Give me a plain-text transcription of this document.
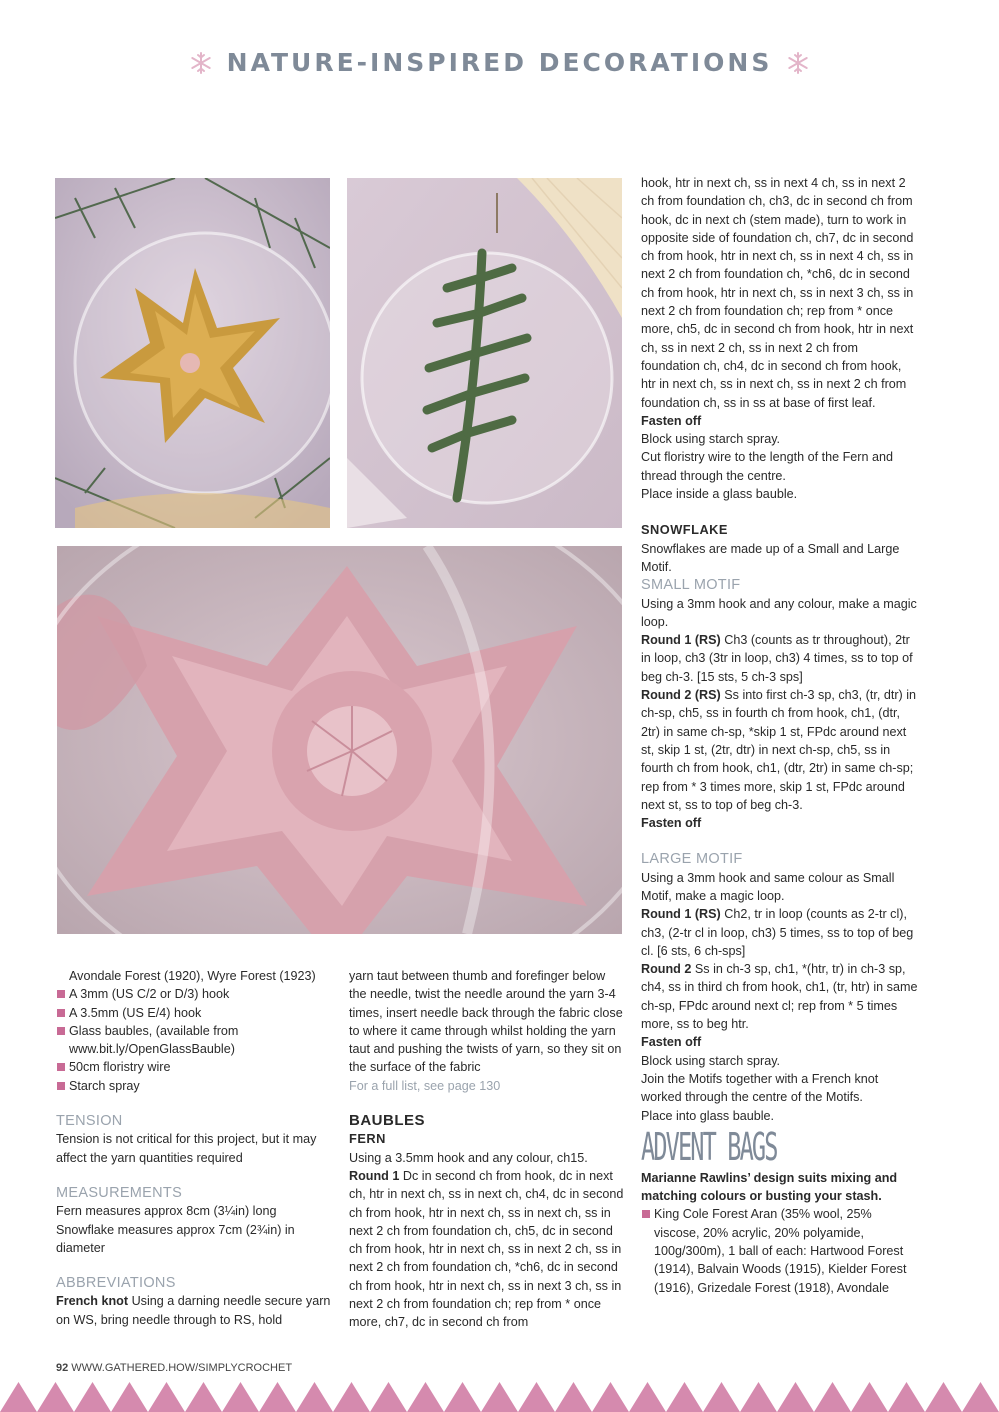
NATURE-INSPIRED DECORATIONS

Avondale Forest (1920), Wyre Forest (1923)

A 3mm (US C/2 or D/3) hook

A 3.5mm (US E/4) hook

Glass baubles, (available from

www.bit.ly/OpenGlassBauble)

50cm floristry wire

Starch spray

TENSION

Tension is not critical for this project, but it may affect the yarn quantities required

MEASUREMENTS

Fern measures approx 8cm (3¼in) long

Snowflake measures approx 7cm (2¾in) in diameter

ABBREVIATIONS

French knot Using a darning needle secure yarn on WS, bring needle through to RS, hold

yarn taut between thumb and forefinger below the needle, twist the needle around the yarn 3-4 times, insert needle back through the fabric close to where it came through whilst holding the yarn taut and pushing the twists of yarn, so they sit on the surface of the fabric

For a full list, see page 130

BAUBLES

FERN

Using a 3.5mm hook and any colour, ch15.

Round 1 Dc in second ch from hook, dc in next ch, htr in next ch, ss in next ch, ch4, dc in second ch from hook, htr in next ch, ss in next ch, ss in next 2 ch from foundation ch, ch5, dc in second ch from hook, htr in next ch, ss in next 2 ch, ss in next 2 ch from foundation ch, *ch6, dc in second ch from hook, htr in next ch, ss in next 3 ch, ss in next 2 ch from foundation ch; rep from * once more, ch7, dc in second ch from

hook, htr in next ch, ss in next 4 ch, ss in next 2 ch from foundation ch, ch3, dc in second ch from hook, dc in next ch (stem made), turn to work in opposite side of foundation ch, ch7, dc in second ch from hook, htr in next ch, ss in next 4 ch, ss in next 2 ch from foundation ch, *ch6, dc in second ch from hook, htr in next ch, ss in next 3 ch, ss in next 2 ch from foundation ch; rep from * once more, ch5, dc in second ch from hook, htr in next ch, ss in next 2 ch, ss in next 2 ch from foundation ch, ch4, dc in second ch from hook, htr in next ch, ss in next ch, ss in next 2 ch from foundation ch, ss in ss at base of first leaf.

Fasten off

Block using starch spray.

Cut floristry wire to the length of the Fern and thread through the centre.

Place inside a glass bauble.

SNOWFLAKE

Snowflakes are made up of a Small and Large Motif.

SMALL MOTIF

Using a 3mm hook and any colour, make a magic loop.

Round 1 (RS) Ch3 (counts as tr throughout), 2tr in loop, ch3 (3tr in loop, ch3) 4 times, ss to top of beg ch-3. [15 sts, 5 ch-3 sps]

Round 2 (RS) Ss into first ch-3 sp, ch3, (tr, dtr) in ch-sp, ch5, ss in fourth ch from hook, ch1, (dtr, 2tr) in same ch-sp, *skip 1 st, FPdc around next st, skip 1 st, (2tr, dtr) in next ch-sp, ch5, ss in fourth ch from hook, ch1, (dtr, 2tr) in same ch-sp; rep from * 3 times more, skip 1 st, FPdc around next st, ss to top of beg ch-3.

Fasten off

LARGE MOTIF

Using a 3mm hook and same colour as Small Motif, make a magic loop.

Round 1 (RS) Ch2, tr in loop (counts as 2-tr cl), ch3, (2-tr cl in loop, ch3) 5 times, ss to top of beg cl. [6 sts, 6 ch-sps]

Round 2 Ss in ch-3 sp, ch1, *(htr, tr) in ch-3 sp, ch4, ss in third ch from hook, ch1, (tr, htr) in same ch-sp, FPdc around next cl; rep from * 5 times more, ss to beg htr.

Fasten off

Block using starch spray.

Join the Motifs together with a French knot worked through the centre of the Motifs.

Place into glass bauble.

ADVENT BAGS

Marianne Rawlins’ design suits mixing and matching colours or busting your stash.

King Cole Forest Aran (35% wool, 25% viscose, 20% acrylic, 20% polyamide, 100g/300m), 1 ball of each: Hartwood Forest (1914), Balvain Woods (1915), Kielder Forest (1916), Grizedale Forest (1918), Avondale

92 WWW.GATHERED.HOW/SIMPLYCROCHET
